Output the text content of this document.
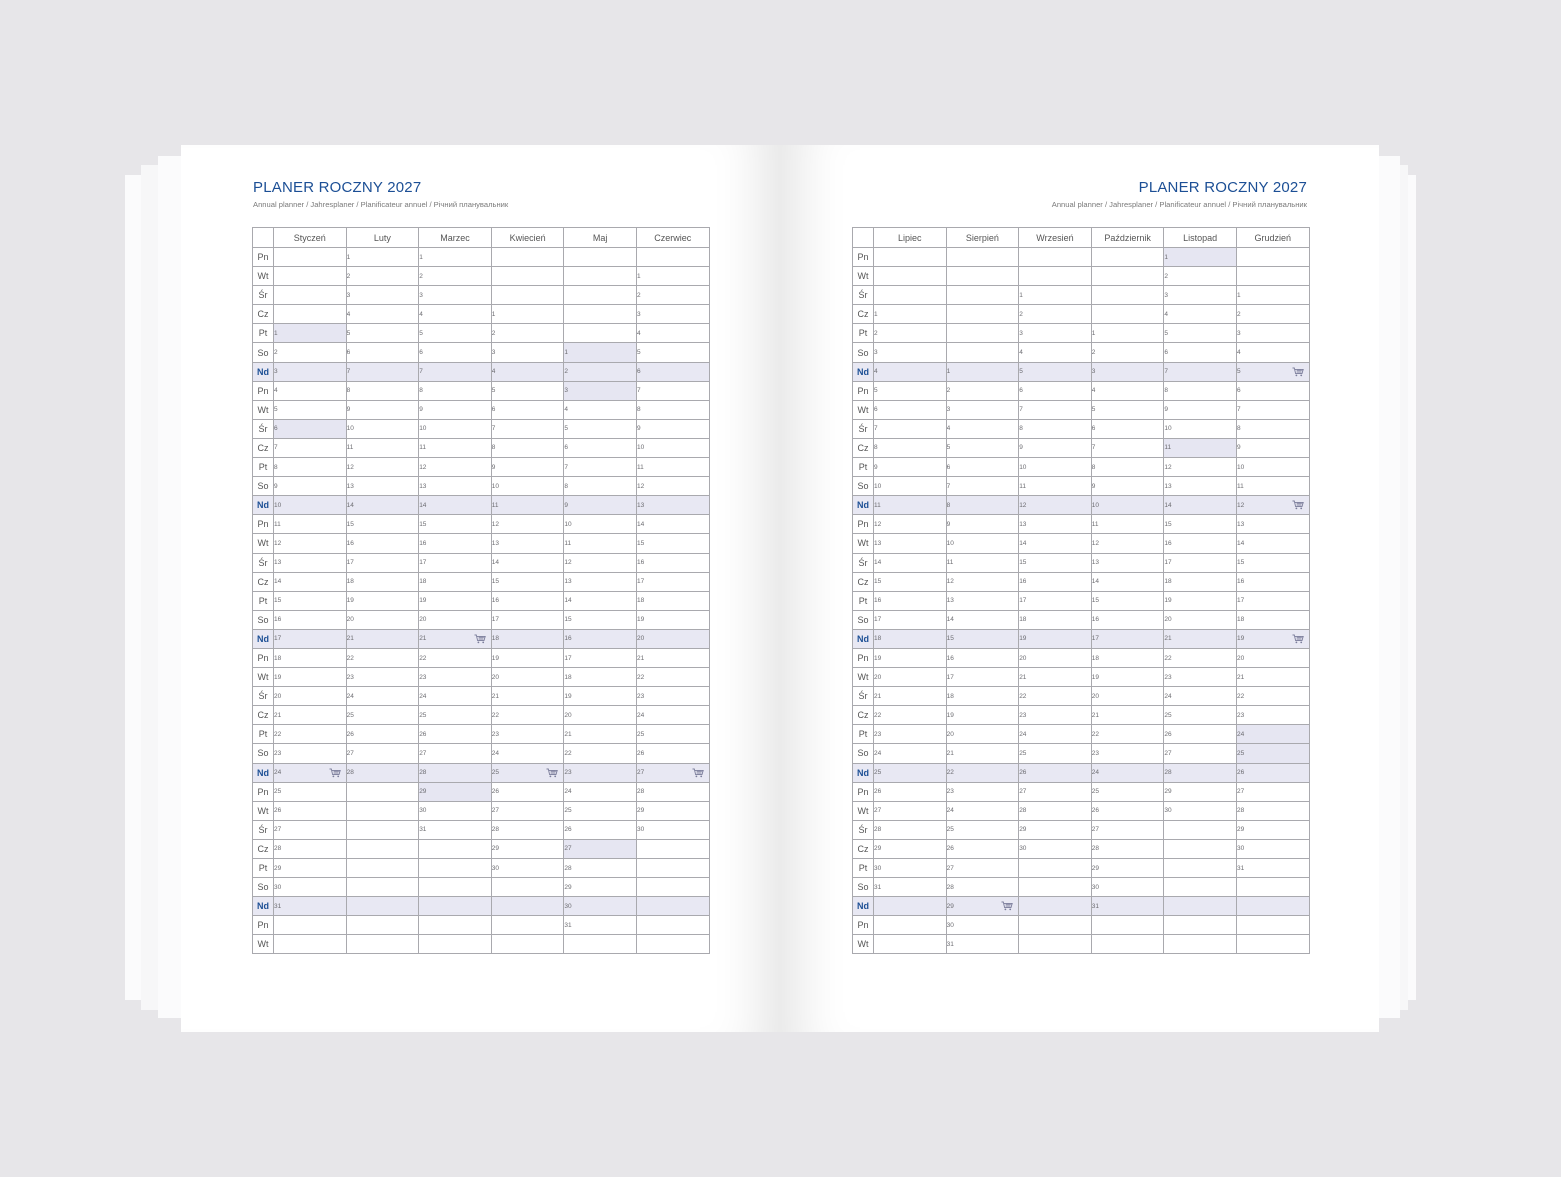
PLANER ROCZNY 2027
Annual planner / Jahresplaner / Planificateur annuel / Річний планувальник
	Styczeń	Luty	Marzec	Kwiecień	Maj	Czerwiec
Pn		1	1			
Wt		2	2			1
Śr		3	3			2
Cz		4	4	1		3
Pt	1	5	5	2		4
So	2	6	6	3	1	5
Nd	3	7	7	4	2	6
Pn	4	8	8	5	3	7
Wt	5	9	9	6	4	8
Śr	6	10	10	7	5	9
Cz	7	11	11	8	6	10
Pt	8	12	12	9	7	11
So	9	13	13	10	8	12
Nd	10	14	14	11	9	13
Pn	11	15	15	12	10	14
Wt	12	16	16	13	11	15
Śr	13	17	17	14	12	16
Cz	14	18	18	15	13	17
Pt	15	19	19	16	14	18
So	16	20	20	17	15	19
Nd	17	21	21	18	16	20
Pn	18	22	22	19	17	21
Wt	19	23	23	20	18	22
Śr	20	24	24	21	19	23
Cz	21	25	25	22	20	24
Pt	22	26	26	23	21	25
So	23	27	27	24	22	26
Nd	24	28	28	25	23	27

Pn	25		29	26	24	28
Wt	26		30	27	25	29
Śr	27		31	28	26	30
Cz	28			29	27	
Pt	29			30	28	
So	30				29	
Nd	31				30	
Pn					31	
Wt						
PLANER ROCZNY 2027
Annual planner / Jahresplaner / Planificateur annuel / Річний планувальник
	Lipiec	Sierpień	Wrzesień	Październik	Listopad	Grudzień
Pn					1	
Wt					2	
Śr			1		3	1
Cz	1		2		4	2
Pt	2		3	1	5	3
So	3		4	2	6	4
Nd	4	1	5	3	7	5

Pn	5	2	6	4	8	6
Wt	6	3	7	5	9	7
Śr	7	4	8	6	10	8
Cz	8	5	9	7	11	9
Pt	9	6	10	8	12	10
So	10	7	11	9	13	11
Nd	11	8	12	10	14	12

Pn	12	9	13	11	15	13
Wt	13	10	14	12	16	14
Śr	14	11	15	13	17	15
Cz	15	12	16	14	18	16
Pt	16	13	17	15	19	17
So	17	14	18	16	20	18
Nd	18	15	19	17	21	19

Pn	19	16	20	18	22	20
Wt	20	17	21	19	23	21
Śr	21	18	22	20	24	22
Cz	22	19	23	21	25	23
Pt	23	20	24	22	26	24
So	24	21	25	23	27	25
Nd	25	22	26	24	28	26
Pn	26	23	27	25	29	27
Wt	27	24	28	26	30	28
Śr	28	25	29	27		29
Cz	29	26	30	28		30
Pt	30	27		29		31
So	31	28		30		
Nd		29		31		
Pn		30				
Wt		31				
